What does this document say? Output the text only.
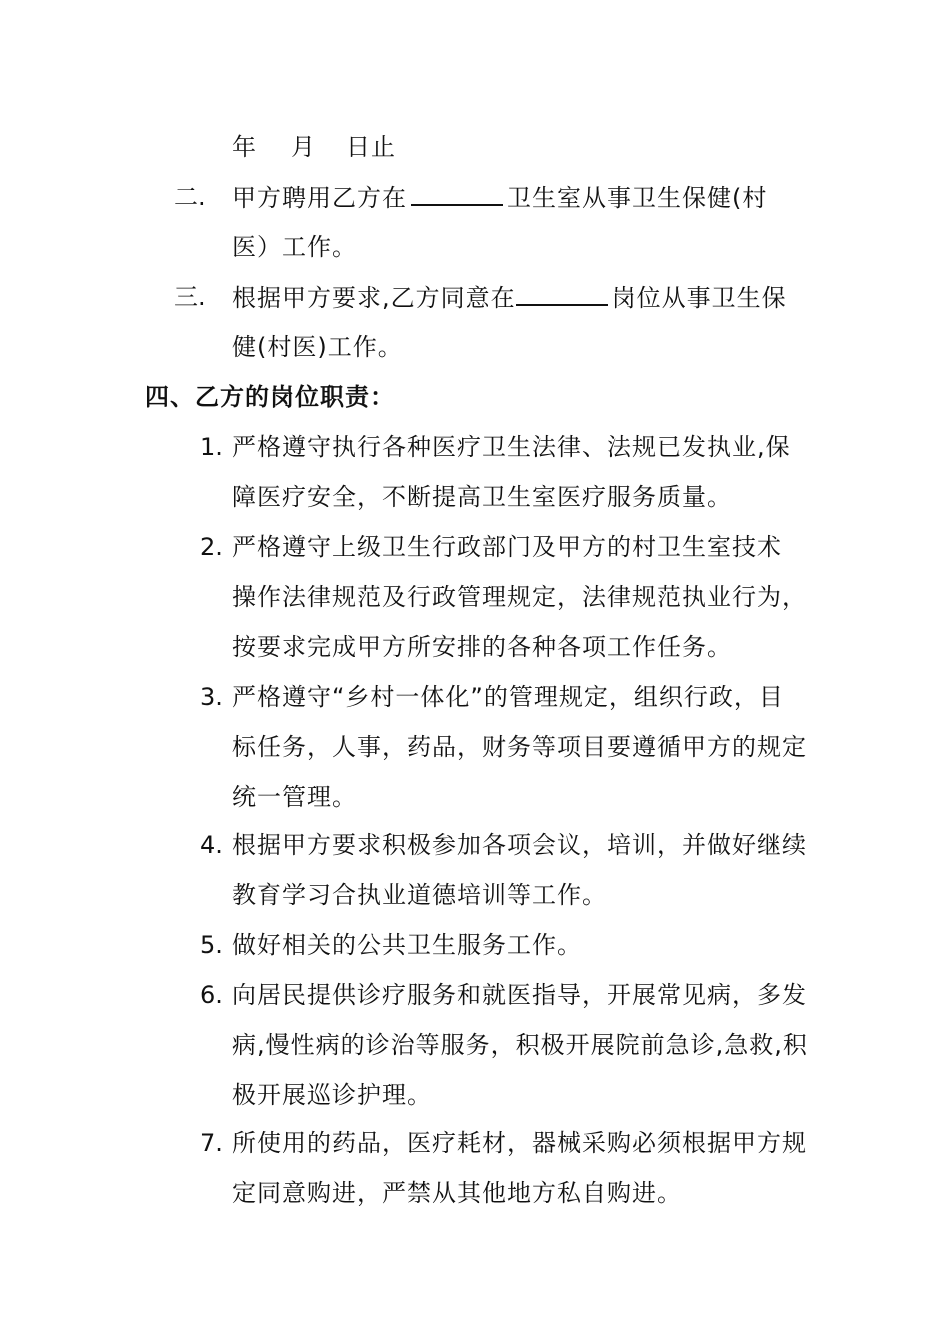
年 月 日止
二. 甲方聘用乙方在	卫生室从事卫生保健(村
医）工作。
三. 根据甲方要求,乙方同意在	岗位从事卫生保
健(村医)工作。
四、乙方的岗位职责：
1. 严格遵守执行各种医疗卫生法律、法规已发执业,保
障医疗安全，不断提高卫生室医疗服务质量。
2. 严格遵守上级卫生行政部门及甲方的村卫生室技术
操作法律规范及行政管理规定，法律规范执业行为，
按要求完成甲方所安排的各种各项工作任务。
3. 严格遵守“乡村一体化”的管理规定，组织行政，目
标任务，人事，药品，财务等项目要遵循甲方的规定
统一管理。
4. 根据甲方要求积极参加各项会议，培训，并做好继续
教育学习合执业道德培训等工作。
5. 做好相关的公共卫生服务工作。
6. 向居民提供诊疗服务和就医指导，开展常见病，多发
病,慢性病的诊治等服务，积极开展院前急诊,急救,积
极开展巡诊护理。
7. 所使用的药品，医疗耗材，器械采购必须根据甲方规
定同意购进，严禁从其他地方私自购进。
